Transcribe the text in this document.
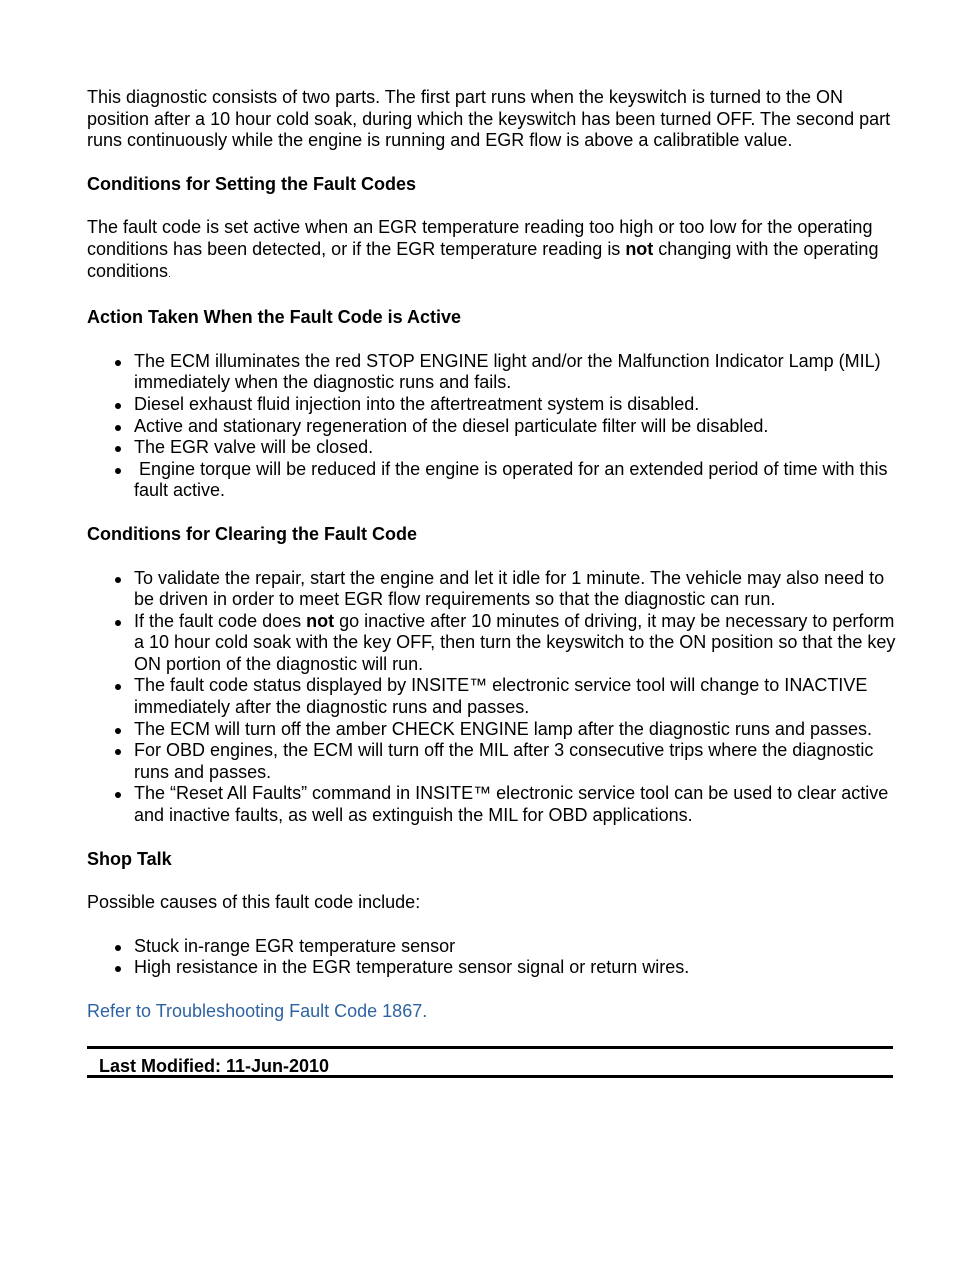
This diagnostic consists of two parts. The first part runs when the keyswitch is turned to the ON position after a 10 hour cold soak, during which the keyswitch has been turned OFF. The second part runs continuously while the engine is running and EGR flow is above a calibratible value.

Conditions for Setting the Fault Codes

The fault code is set active when an EGR temperature reading too high or too low for the operating conditions has been detected, or if the EGR temperature reading is not changing with the operating conditions.

Action Taken When the Fault Code is Active

The ECM illuminates the red STOP ENGINE light and/or the Malfunction Indicator Lamp (MIL) immediately when the diagnostic runs and fails.
Diesel exhaust fluid injection into the aftertreatment system is disabled.
Active and stationary regeneration of the diesel particulate filter will be disabled.
The EGR valve will be closed.
Engine torque will be reduced if the engine is operated for an extended period of time with this fault active.

Conditions for Clearing the Fault Code

To validate the repair, start the engine and let it idle for 1 minute. The vehicle may also need to be driven in order to meet EGR flow requirements so that the diagnostic can run.
If the fault code does not go inactive after 10 minutes of driving, it may be necessary to perform a 10 hour cold soak with the key OFF, then turn the keyswitch to the ON position so that the key ON portion of the diagnostic will run.
The fault code status displayed by INSITE™ electronic service tool will change to INACTIVE immediately after the diagnostic runs and passes.
The ECM will turn off the amber CHECK ENGINE lamp after the diagnostic runs and passes.
For OBD engines, the ECM will turn off the MIL after 3 consecutive trips where the diagnostic runs and passes.
The “Reset All Faults” command in INSITE™ electronic service tool can be used to clear active and inactive faults, as well as extinguish the MIL for OBD applications.

Shop Talk

Possible causes of this fault code include:

Stuck in-range EGR temperature sensor
High resistance in the EGR temperature sensor signal or return wires.

Refer to Troubleshooting Fault Code 1867.

Last Modified: 11-Jun-2010
